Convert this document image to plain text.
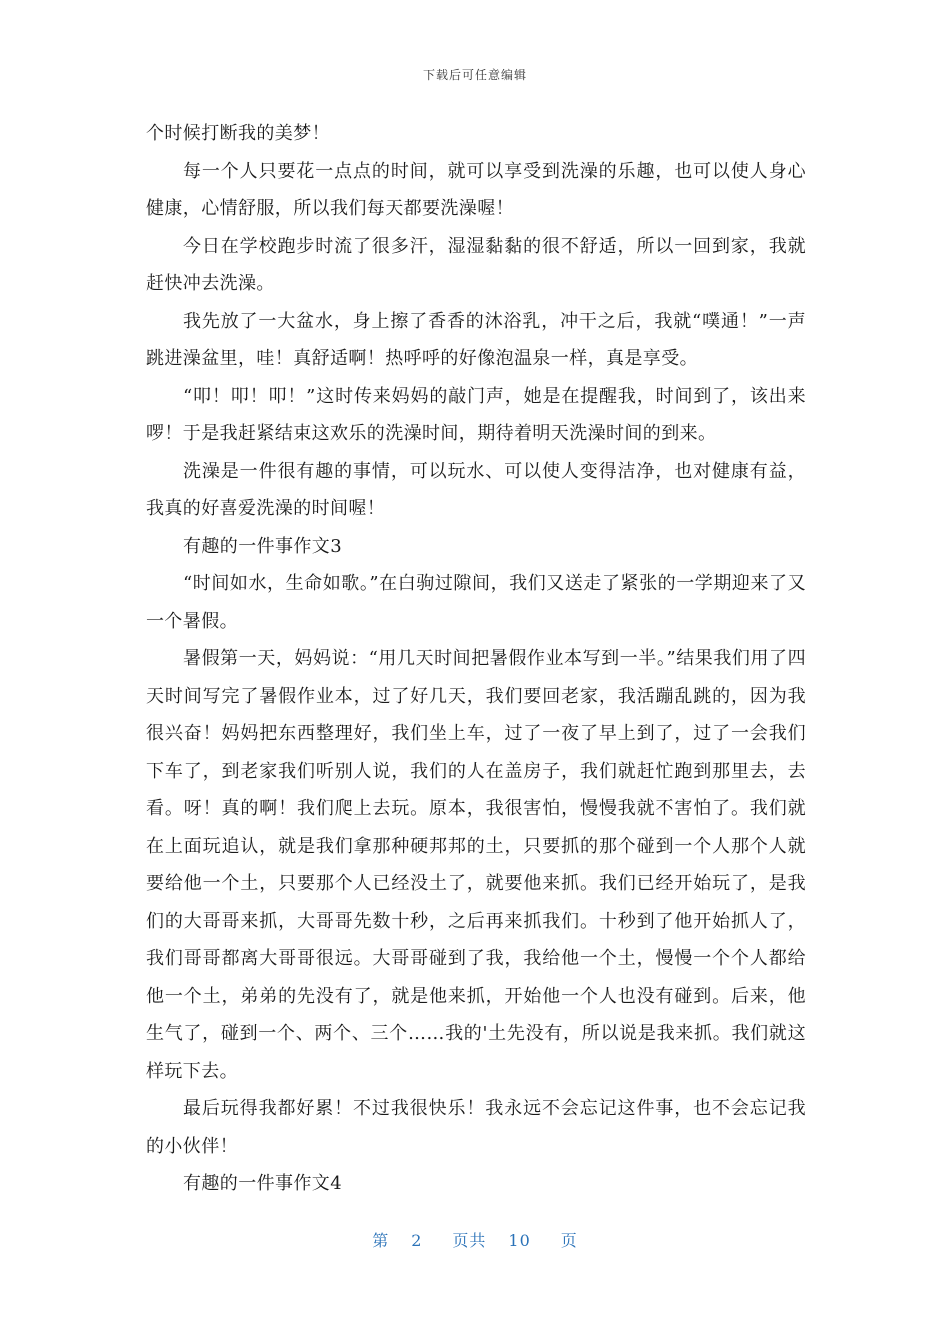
下载后可任意编辑

个时候打断我的美梦！

每一个人只要花一点点的时间，就可以享受到洗澡的乐趣，也可以使人身心健康，心情舒服，所以我们每天都要洗澡喔！

今日在学校跑步时流了很多汗，湿湿黏黏的很不舒适，所以一回到家，我就赶快冲去洗澡。

我先放了一大盆水，身上擦了香香的沐浴乳，冲干之后，我就“噗通！”一声跳进澡盆里，哇！真舒适啊！热呼呼的好像泡温泉一样，真是享受。

“叩！叩！叩！”这时传来妈妈的敲门声，她是在提醒我，时间到了，该出来啰！于是我赶紧结束这欢乐的洗澡时间，期待着明天洗澡时间的到来。

洗澡是一件很有趣的事情，可以玩水、可以使人变得洁净，也对健康有益，我真的好喜爱洗澡的时间喔！

有趣的一件事作文3

“时间如水，生命如歌。”在白驹过隙间，我们又送走了紧张的一学期迎来了又一个暑假。

暑假第一天，妈妈说：“用几天时间把暑假作业本写到一半。”结果我们用了四天时间写完了暑假作业本，过了好几天，我们要回老家，我活蹦乱跳的，因为我很兴奋！妈妈把东西整理好，我们坐上车，过了一夜了早上到了，过了一会我们下车了，到老家我们听别人说，我们的人在盖房子，我们就赶忙跑到那里去，去看。呀！真的啊！我们爬上去玩。原本，我很害怕，慢慢我就不害怕了。我们就在上面玩追认，就是我们拿那种硬邦邦的土，只要抓的那个碰到一个人那个人就要给他一个土，只要那个人已经没土了，就要他来抓。我们已经开始玩了，是我们的大哥哥来抓，大哥哥先数十秒，之后再来抓我们。十秒到了他开始抓人了，我们哥哥都离大哥哥很远。大哥哥碰到了我，我给他一个土，慢慢一个个人都给他一个土，弟弟的先没有了，就是他来抓，开始他一个人也没有碰到。后来，他生气了，碰到一个、两个、三个……我的'土先没有，所以说是我来抓。我们就这样玩下去。

最后玩得我都好累！不过我很快乐！我永远不会忘记这件事，也不会忘记我的小伙伴！

有趣的一件事作文4

第 2 页共 10 页
